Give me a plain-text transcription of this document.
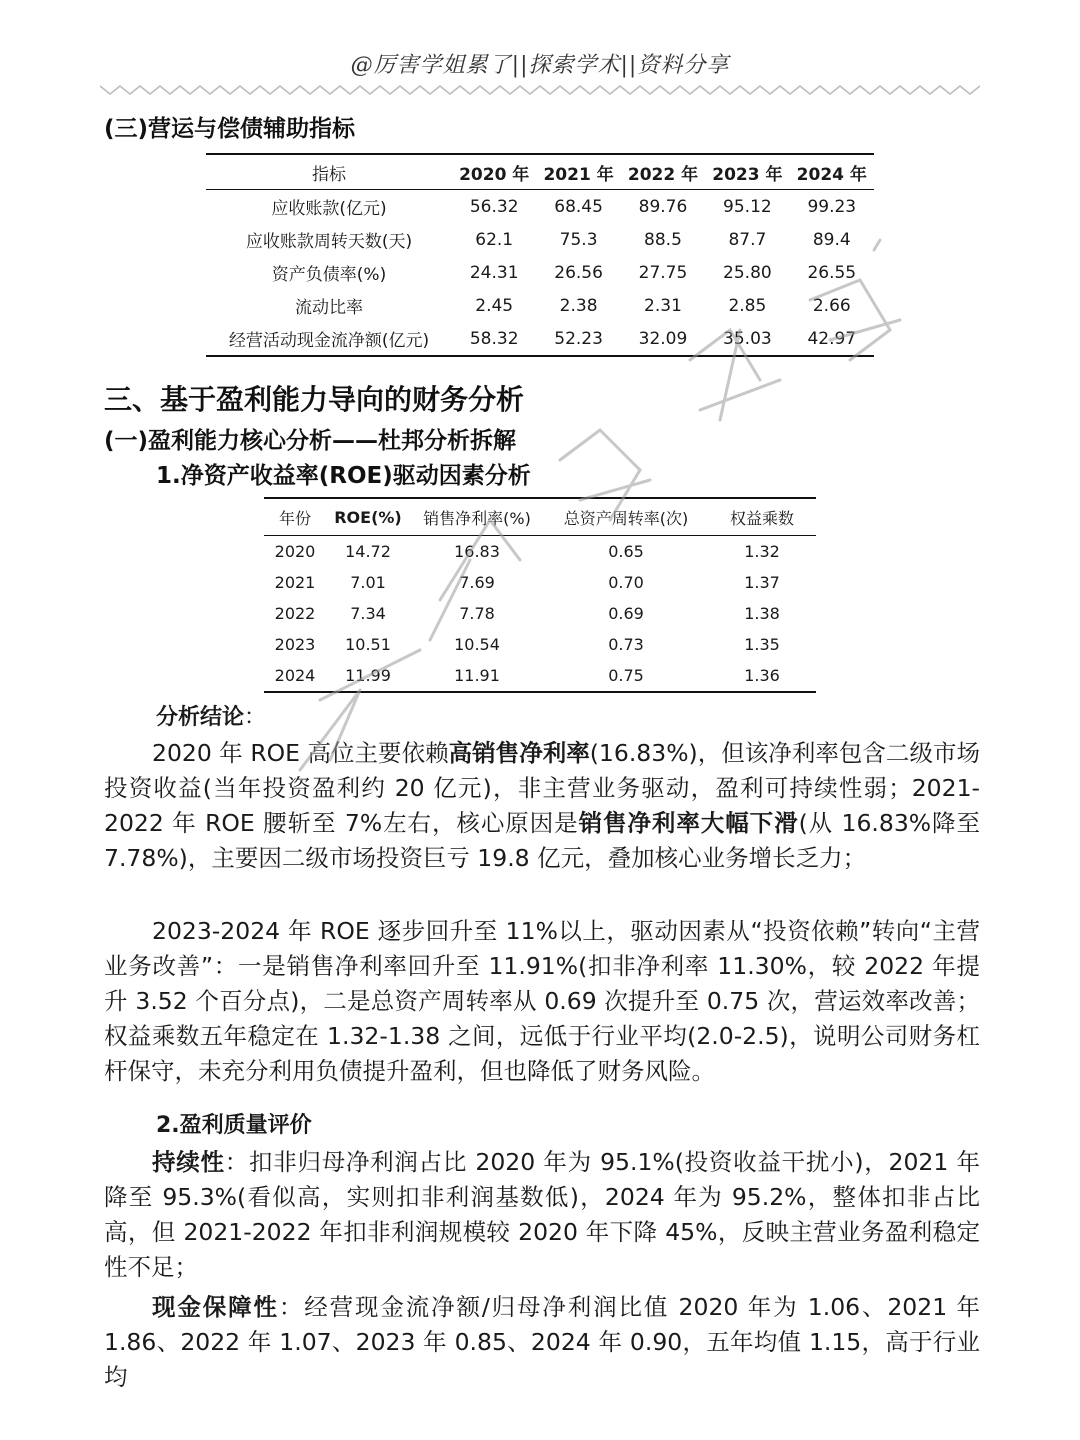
@厉害学姐累了||探索学术||资料分享
(三)营运与偿债辅助指标
指标	2020 年	2021 年	2022 年	2023 年	2024 年
应收账款(亿元)	56.32	68.45	89.76	95.12	99.23
应收账款周转天数(天)	62.1	75.3	88.5	87.7	89.4
资产负债率(%)	24.31	26.56	27.75	25.80	26.55
流动比率	2.45	2.38	2.31	2.85	2.66
经营活动现金流净额(亿元)	58.32	52.23	32.09	35.03	42.97
三、基于盈利能力导向的财务分析
(一)盈利能力核心分析——杜邦分析拆解
1.净资产收益率(ROE)驱动因素分析
年份	ROE(%)	销售净利率(%)	总资产周转率(次)	权益乘数
2020	14.72	16.83	0.65	1.32
2021	7.01	7.69	0.70	1.37
2022	7.34	7.78	0.69	1.38
2023	10.51	10.54	0.73	1.35
2024	11.99	11.91	0.75	1.36
分析结论：
2020 年 ROE 高位主要依赖高销售净利率(16.83%)，但该净利率包含二级市场投资收益(当年投资盈利约 20 亿元)，非主营业务驱动，盈利可持续性弱；2021-2022 年 ROE 腰斩至 7%左右，核心原因是销售净利率大幅下滑(从 16.83%降至 7.78%)，主要因二级市场投资巨亏 19.8 亿元，叠加核心业务增长乏力；
2023-2024 年 ROE 逐步回升至 11%以上，驱动因素从“投资依赖”转向“主营业务改善”：一是销售净利率回升至 11.91%(扣非净利率 11.30%，较 2022 年提升 3.52 个百分点)，二是总资产周转率从 0.69 次提升至 0.75 次，营运效率改善；权益乘数五年稳定在 1.32-1.38 之间，远低于行业平均(2.0-2.5)，说明公司财务杠杆保守，未充分利用负债提升盈利，但也降低了财务风险。
2.盈利质量评价
持续性：扣非归母净利润占比 2020 年为 95.1%(投资收益干扰小)，2021 年降至 95.3%(看似高，实则扣非利润基数低)，2024 年为 95.2%，整体扣非占比高，但 2021-2022 年扣非利润规模较 2020 年下降 45%，反映主营业务盈利稳定性不足；
现金保障性：经营现金流净额/归母净利润比值 2020 年为 1.06、2021 年 1.86、2022 年 1.07、2023 年 0.85、2024 年 0.90，五年均值 1.15，高于行业均
